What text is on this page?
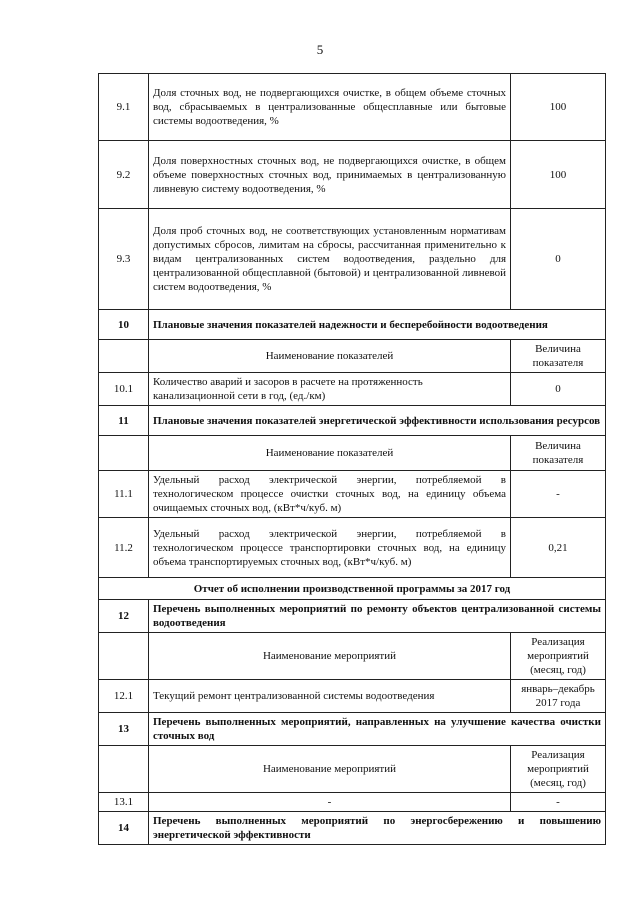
5
9.1	Доля сточных вод, не подвергающихся очистке, в общем объеме сточных вод, сбрасываемых в централизованные общесплавные или бытовые системы водоотведения, %	100
9.2	Доля поверхностных сточных вод, не подвергающихся очистке, в общем объеме поверхностных сточных вод, принимаемых в централизованную ливневую систему водоотведения, %	100
9.3	Доля проб сточных вод, не соответствующих установленным нормативам допустимых сбросов, лимитам на сбросы, рассчитанная применительно к видам централизованных систем водоотведения, раздельно для централизованной общесплавной (бытовой) и централизованной ливневой систем водоотведения, %	0
10	Плановые значения показателей надежности и бесперебойности водоотведения	
	Наименование показателей	Величина показателя
10.1	Количество аварий и засоров в расчете на протяженность канализационной сети в год, (ед./км)	0
11	Плановые значения показателей энергетической эффективности использования ресурсов	
	Наименование показателей	Величина показателя
11.1	Удельный расход электрической энергии, потребляемой в технологическом процессе очистки сточных вод, на единицу объема очищаемых сточных вод, (кВт*ч/куб. м)	-
11.2	Удельный расход электрической энергии, потребляемой в технологическом процессе транспортировки сточных вод, на единицу объема транспортируемых сточных вод, (кВт*ч/куб. м)	0,21
Отчет об исполнении производственной программы за 2017 год		
12	Перечень выполненных мероприятий по ремонту объектов централизованной системы водоотведения	
	Наименование мероприятий	Реализация мероприятий (месяц, год)
12.1	Текущий ремонт централизованной системы водоотведения	январь–декабрь 2017 года
13	Перечень выполненных мероприятий, направленных на улучшение качества очистки сточных вод	
	Наименование мероприятий	Реализация мероприятий (месяц, год)
13.1	-	-
14	Перечень выполненных мероприятий по энергосбережению и повышению энергетической эффективности	
